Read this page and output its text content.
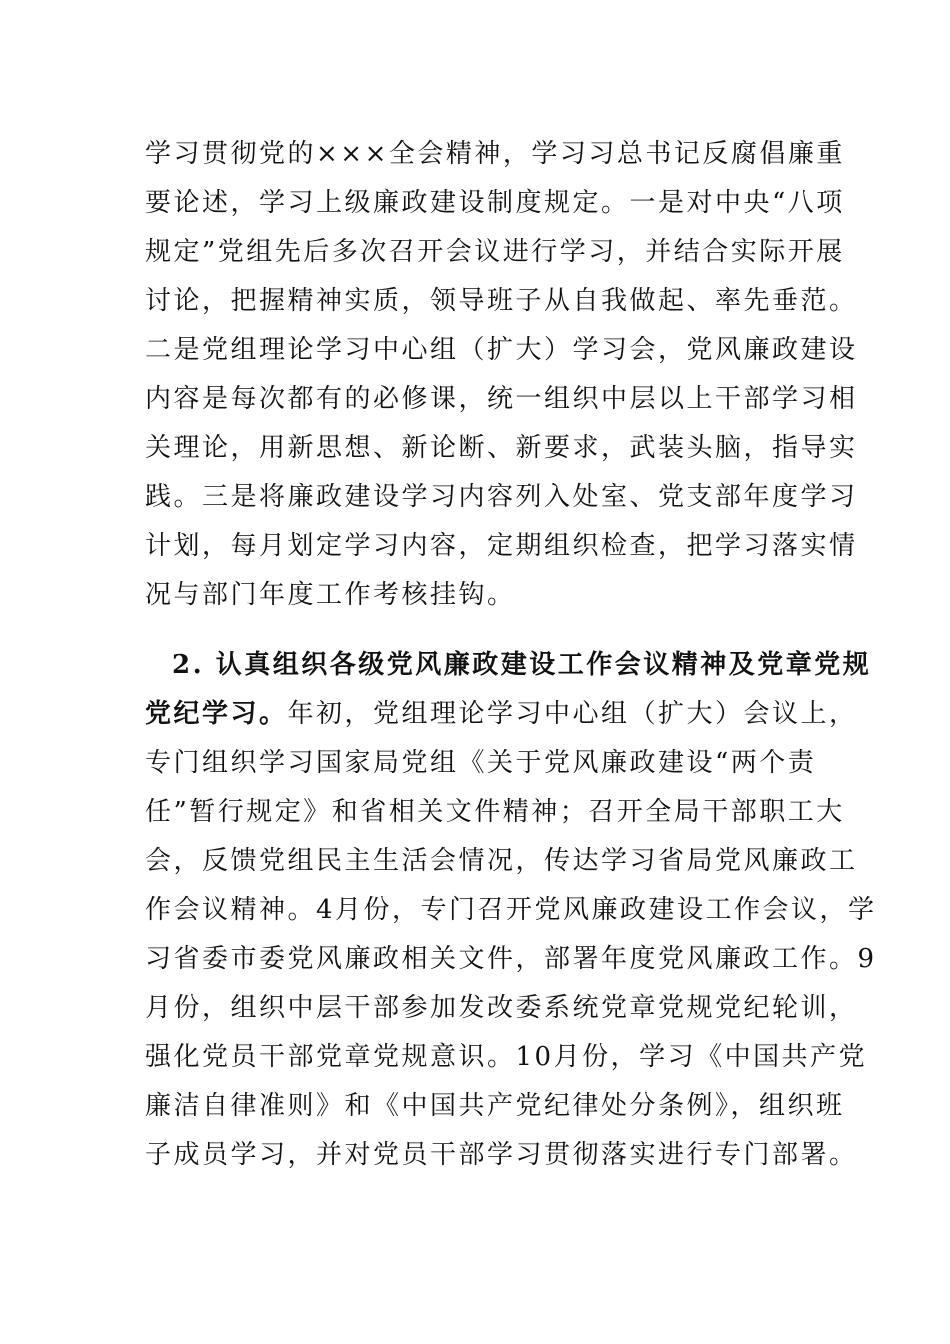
学习贯彻党的×××全会精神，学习习总书记反腐倡廉重
要论述，学习上级廉政建设制度规定。一是对中央“八项
规定”党组先后多次召开会议进行学习，并结合实际开展
讨论，把握精神实质，领导班子从自我做起、率先垂范。
二是党组理论学习中心组（扩大）学习会，党风廉政建设
内容是每次都有的必修课，统一组织中层以上干部学习相
关理论，用新思想、新论断、新要求，武装头脑，指导实
践。三是将廉政建设学习内容列入处室、党支部年度学习
计划，每月划定学习内容，定期组织检查，把学习落实情
况与部门年度工作考核挂钩。
2. 认真组织各级党风廉政建设工作会议精神及党章党规
党纪学习。年初，党组理论学习中心组（扩大）会议上，
专门组织学习国家局党组《关于党风廉政建设“两个责
任”暂行规定》和省相关文件精神；召开全局干部职工大
会，反馈党组民主生活会情况，传达学习省局党风廉政工
作会议精神。4月份，专门召开党风廉政建设工作会议，学
习省委市委党风廉政相关文件，部署年度党风廉政工作。9
月份，组织中层干部参加发改委系统党章党规党纪轮训，
强化党员干部党章党规意识。10月份，学习《中国共产党
廉洁自律准则》和《中国共产党纪律处分条例》，组织班
子成员学习，并对党员干部学习贯彻落实进行专门部署。
